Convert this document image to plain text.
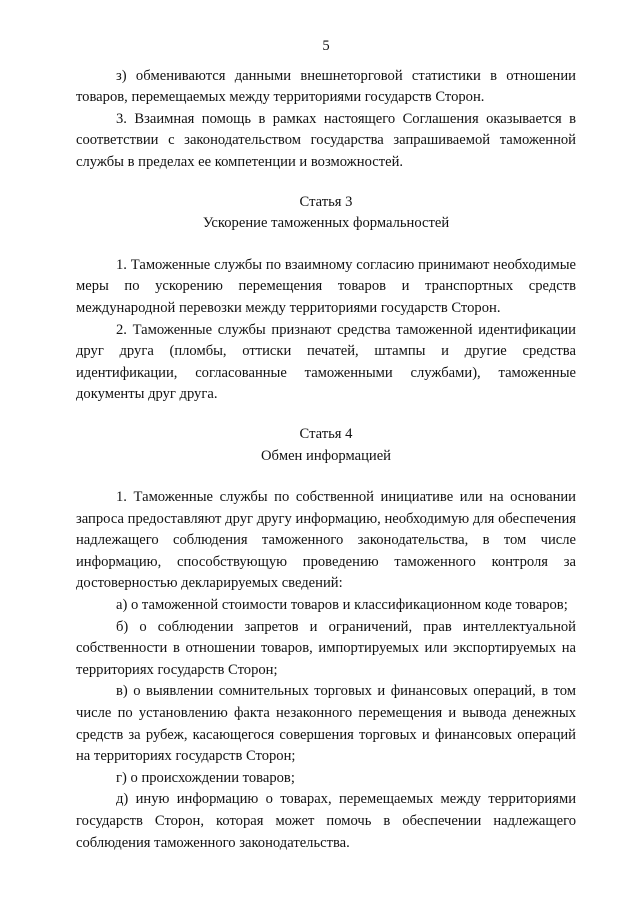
5

з) обмениваются данными внешнеторговой статистики в отношении товаров, перемещаемых между территориями государств Сторон.

3. Взаимная помощь в рамках настоящего Соглашения оказывается в соответствии с законодательством государства запрашиваемой таможенной службы в пределах ее компетенции и возможностей.

Статья 3

Ускорение таможенных формальностей

1. Таможенные службы по взаимному согласию принимают необходимые меры по ускорению перемещения товаров и транспортных средств международной перевозки между территориями государств Сторон.

2. Таможенные службы признают средства таможенной идентификации друг друга (пломбы, оттиски печатей, штампы и другие средства идентификации, согласованные таможенными службами), таможенные документы друг друга.

Статья 4

Обмен информацией

1. Таможенные службы по собственной инициативе или на основании запроса предоставляют друг другу информацию, необходимую для обеспечения надлежащего соблюдения таможенного законодательства, в том числе информацию, способствующую проведению таможенного контроля за достоверностью декларируемых сведений:

а) о таможенной стоимости товаров и классификационном коде товаров;

б) о соблюдении запретов и ограничений, прав интеллектуальной собственности в отношении товаров, импортируемых или экспортируемых на территориях государств Сторон;

в) о выявлении сомнительных торговых и финансовых операций, в том числе по установлению факта незаконного перемещения и вывода денежных средств за рубеж, касающегося совершения торговых и финансовых операций на территориях государств Сторон;

г) о происхождении товаров;

д) иную информацию о товарах, перемещаемых между территориями государств Сторон, которая может помочь в обеспечении надлежащего соблюдения таможенного законодательства.
